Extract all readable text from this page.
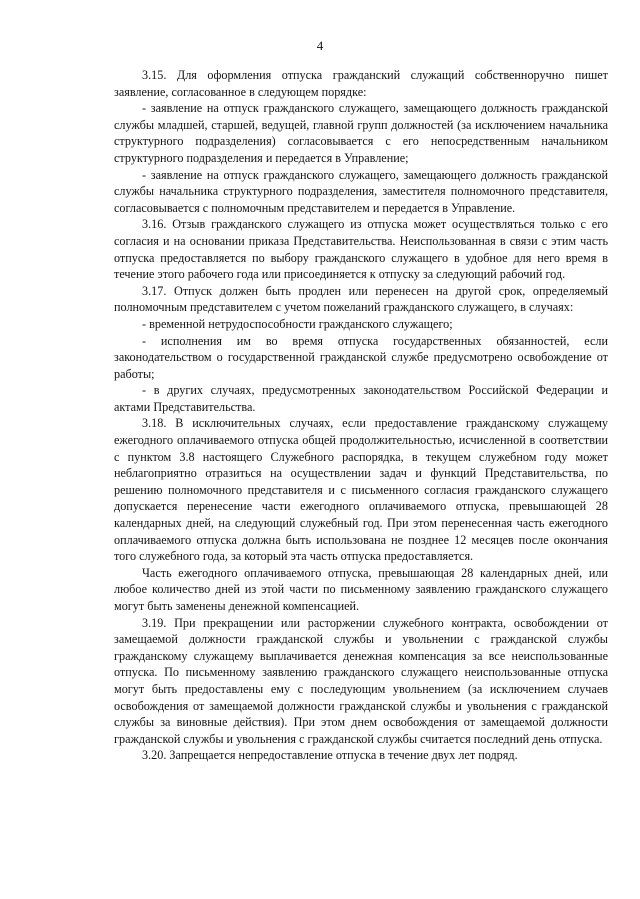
4

3.15. Для оформления отпуска гражданский служащий собственноручно пишет заявление, согласованное в следующем порядке:

- заявление на отпуск гражданского служащего, замещающего должность гражданской службы младшей, старшей, ведущей, главной групп должностей (за исключением начальника структурного подразделения) согласовывается с его непосредственным начальником структурного подразделения и передается в Управление;

- заявление на отпуск гражданского служащего, замещающего должность гражданской службы начальника структурного подразделения, заместителя полномочного представителя, согласовывается с полномочным представителем и передается в Управление.

3.16. Отзыв гражданского служащего из отпуска может осуществляться только с его согласия и на основании приказа Представительства. Неиспользованная в связи с этим часть отпуска предоставляется по выбору гражданского служащего в удобное для него время в течение этого рабочего года или присоединяется к отпуску за следующий рабочий год.

3.17. Отпуск должен быть продлен или перенесен на другой срок, определяемый полномочным представителем с учетом пожеланий гражданского служащего, в случаях:

- временной нетрудоспособности гражданского служащего;

- исполнения им во время отпуска государственных обязанностей, если законодательством о государственной гражданской службе предусмотрено освобождение от работы;

- в других случаях, предусмотренных законодательством Российской Федерации и актами Представительства.

3.18. В исключительных случаях, если предоставление гражданскому служащему ежегодного оплачиваемого отпуска общей продолжительностью, исчисленной в соответствии с пунктом 3.8 настоящего Служебного распорядка, в текущем служебном году может неблагоприятно отразиться на осуществлении задач и функций Представительства, по решению полномочного представителя и с письменного согласия гражданского служащего допускается перенесение части ежегодного оплачиваемого отпуска, превышающей 28 календарных дней, на следующий служебный год. При этом перенесенная часть ежегодного оплачиваемого отпуска должна быть использована не позднее 12 месяцев после окончания того служебного года, за который эта часть отпуска предоставляется.

Часть ежегодного оплачиваемого отпуска, превышающая 28 календарных дней, или любое количество дней из этой части по письменному заявлению гражданского служащего могут быть заменены денежной компенсацией.

3.19. При прекращении или расторжении служебного контракта, освобождении от замещаемой должности гражданской службы и увольнении с гражданской службы гражданскому служащему выплачивается денежная компенсация за все неиспользованные отпуска. По письменному заявлению гражданского служащего неиспользованные отпуска могут быть предоставлены ему с последующим увольнением (за исключением случаев освобождения от замещаемой должности гражданской службы и увольнения с гражданской службы за виновные действия). При этом днем освобождения от замещаемой должности гражданской службы и увольнения с гражданской службы считается последний день отпуска.

3.20. Запрещается непредоставление отпуска в течение двух лет подряд.
